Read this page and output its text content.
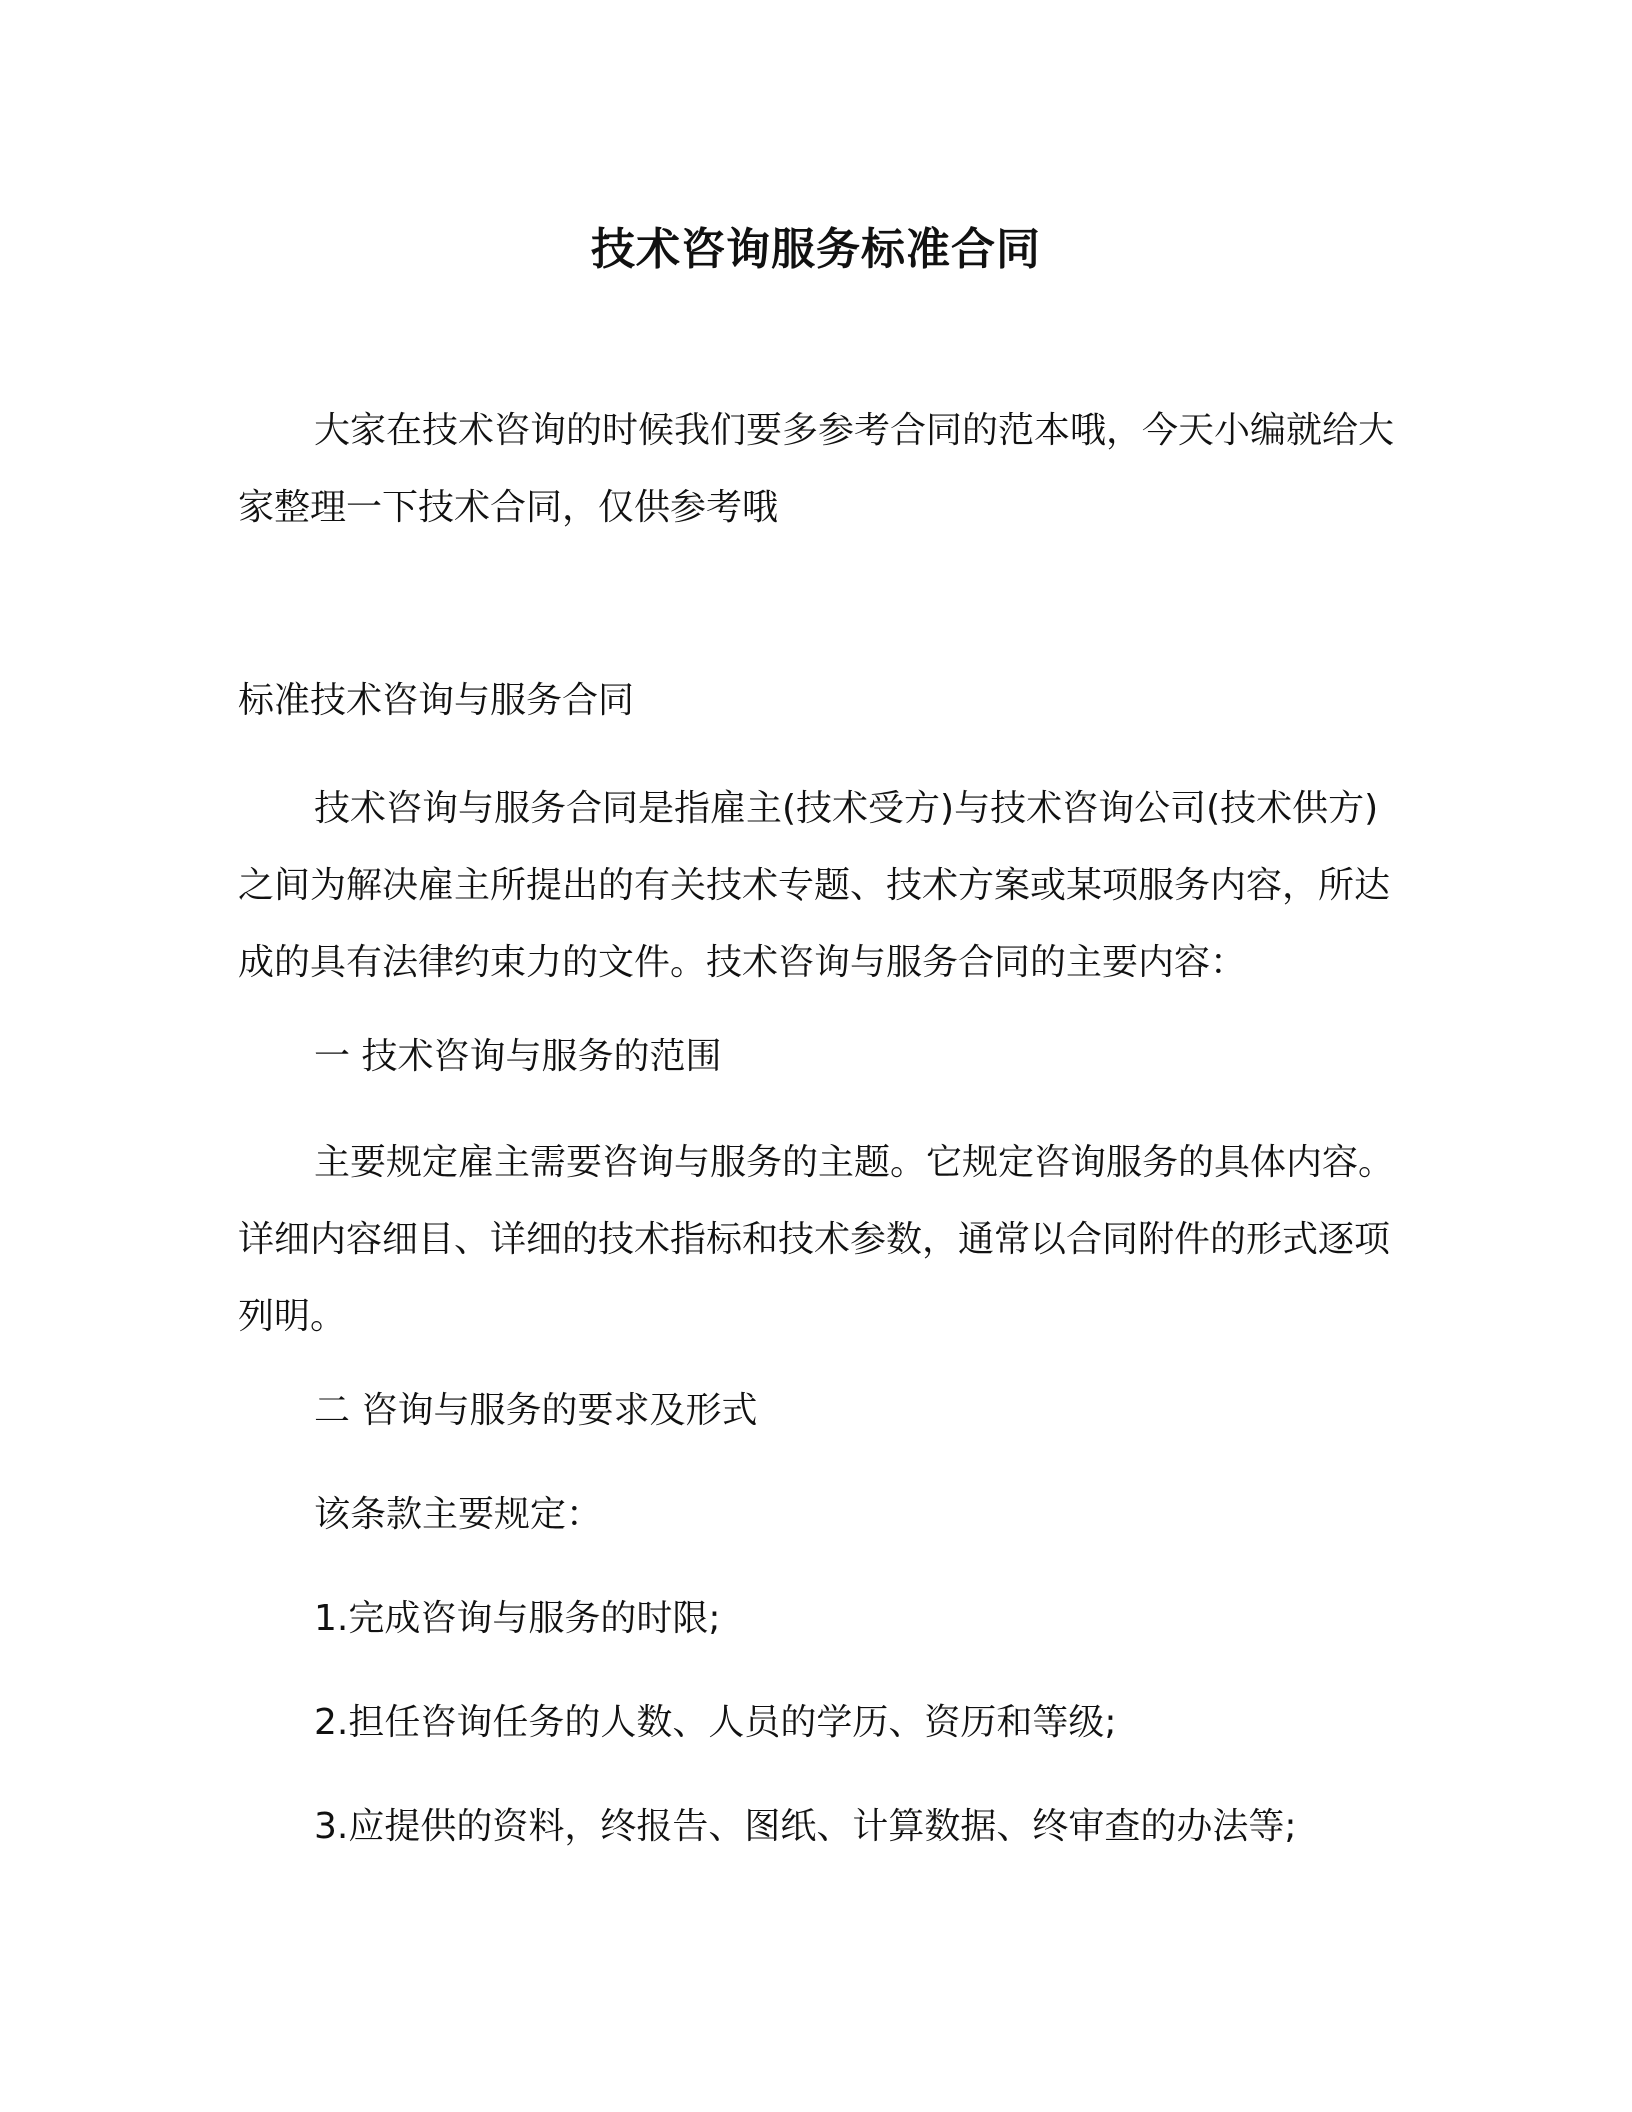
技术咨询服务标准合同

大家在技术咨询的时候我们要多参考合同的范本哦，今天小编就给大家整理一下技术合同，仅供参考哦

标准技术咨询与服务合同

技术咨询与服务合同是指雇主(技术受方)与技术咨询公司(技术供方)之间为解决雇主所提出的有关技术专题、技术方案或某项服务内容，所达成的具有法律约束力的文件。技术咨询与服务合同的主要内容：

一 技术咨询与服务的范围

主要规定雇主需要咨询与服务的主题。它规定咨询服务的具体内容。详细内容细目、详细的技术指标和技术参数，通常以合同附件的形式逐项列明。

二 咨询与服务的要求及形式

该条款主要规定：

1.完成咨询与服务的时限;

2.担任咨询任务的人数、人员的学历、资历和等级;

3.应提供的资料，终报告、图纸、计算数据、终审查的办法等;
